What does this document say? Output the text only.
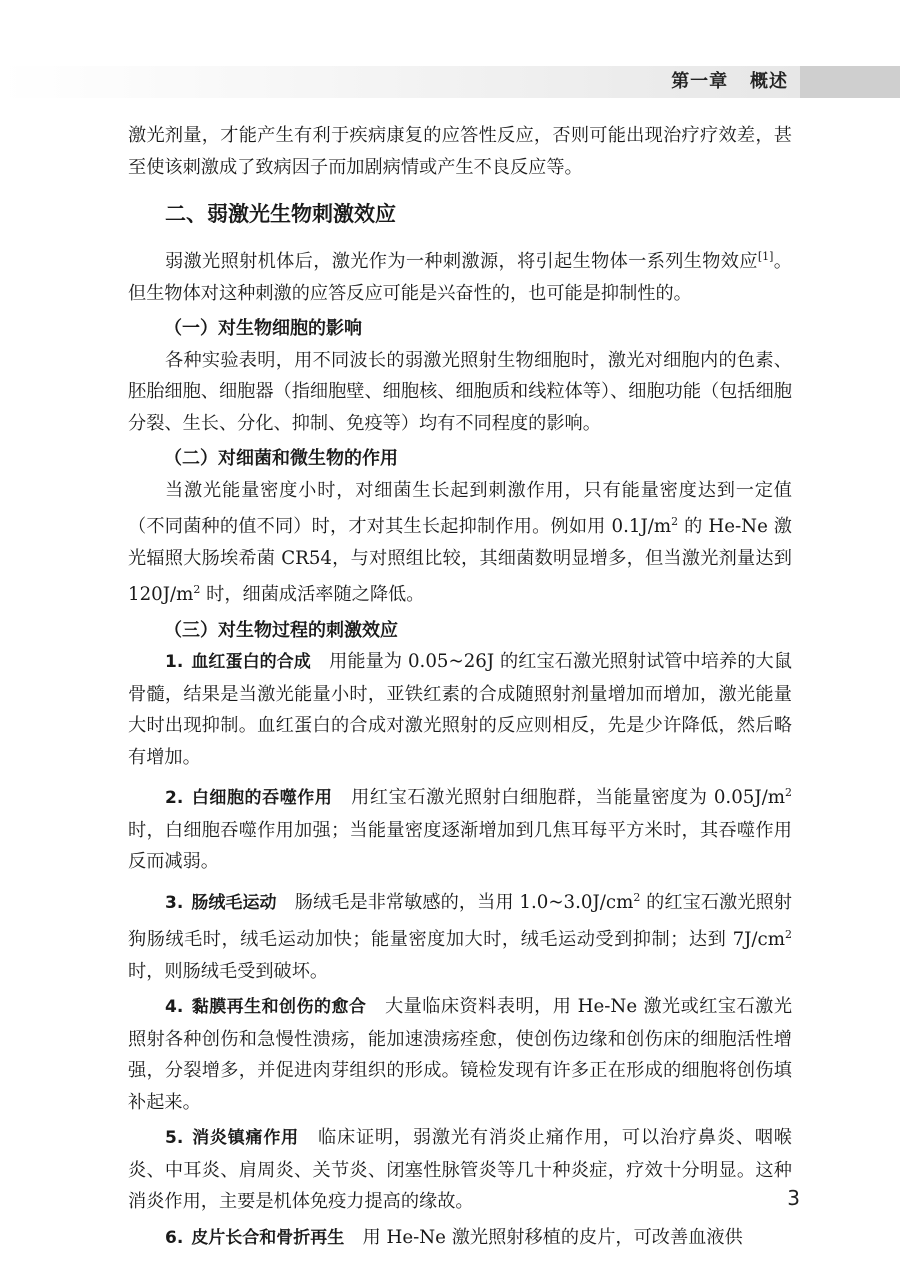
第一章 概述

激光剂量，才能产生有利于疾病康复的应答性反应，否则可能出现治疗疗效差，甚至使该刺激成了致病因子而加剧病情或产生不良反应等。

二、弱激光生物刺激效应

弱激光照射机体后，激光作为一种刺激源，将引起生物体一系列生物效应[1]。但生物体对这种刺激的应答反应可能是兴奋性的，也可能是抑制性的。

（一）对生物细胞的影响

各种实验表明，用不同波长的弱激光照射生物细胞时，激光对细胞内的色素、胚胎细胞、细胞器（指细胞壁、细胞核、细胞质和线粒体等）、细胞功能（包括细胞分裂、生长、分化、抑制、免疫等）均有不同程度的影响。

（二）对细菌和微生物的作用

当激光能量密度小时，对细菌生长起到刺激作用，只有能量密度达到一定值（不同菌种的值不同）时，才对其生长起抑制作用。例如用 $0.1J/m^2$ 的 He-Ne 激光辐照大肠埃希菌 CR54，与对照组比较，其细菌数明显增多，但当激光剂量达到 $120J/m^2$ 时，细菌成活率随之降低。

（三）对生物过程的刺激效应

1. 血红蛋白的合成　 用能量为 0.05~26J 的红宝石激光照射试管中培养的大鼠骨髓，结果是当激光能量小时，亚铁红素的合成随照射剂量增加而增加，激光能量大时出现抑制。血红蛋白的合成对激光照射的反应则相反，先是少许降低，然后略有增加。

2. 白细胞的吞噬作用　 用红宝石激光照射白细胞群，当能量密度为 $0.05J/m^2$ 时，白细胞吞噬作用加强；当能量密度逐渐增加到几焦耳每平方米时，其吞噬作用反而减弱。

3. 肠绒毛运动　 肠绒毛是非常敏感的，当用 $1.0\sim 3.0J/cm^2$ 的红宝石激光照射狗肠绒毛时，绒毛运动加快；能量密度加大时，绒毛运动受到抑制；达到 $7J/cm^2$ 时，则肠绒毛受到破坏。

4. 黏膜再生和创伤的愈合　 大量临床资料表明，用 He-Ne 激光或红宝石激光照射各种创伤和急慢性溃疡，能加速溃疡痊愈，使创伤边缘和创伤床的细胞活性增强，分裂增多，并促进肉芽组织的形成。镜检发现有许多正在形成的细胞将创伤填补起来。

5. 消炎镇痛作用　 临床证明，弱激光有消炎止痛作用，可以治疗鼻炎、咽喉炎、中耳炎、肩周炎、关节炎、闭塞性脉管炎等几十种炎症，疗效十分明显。这种消炎作用，主要是机体免疫力提高的缘故。

6. 皮片长合和骨折再生　 用 He-Ne 激光照射移植的皮片，可改善血液供

3
